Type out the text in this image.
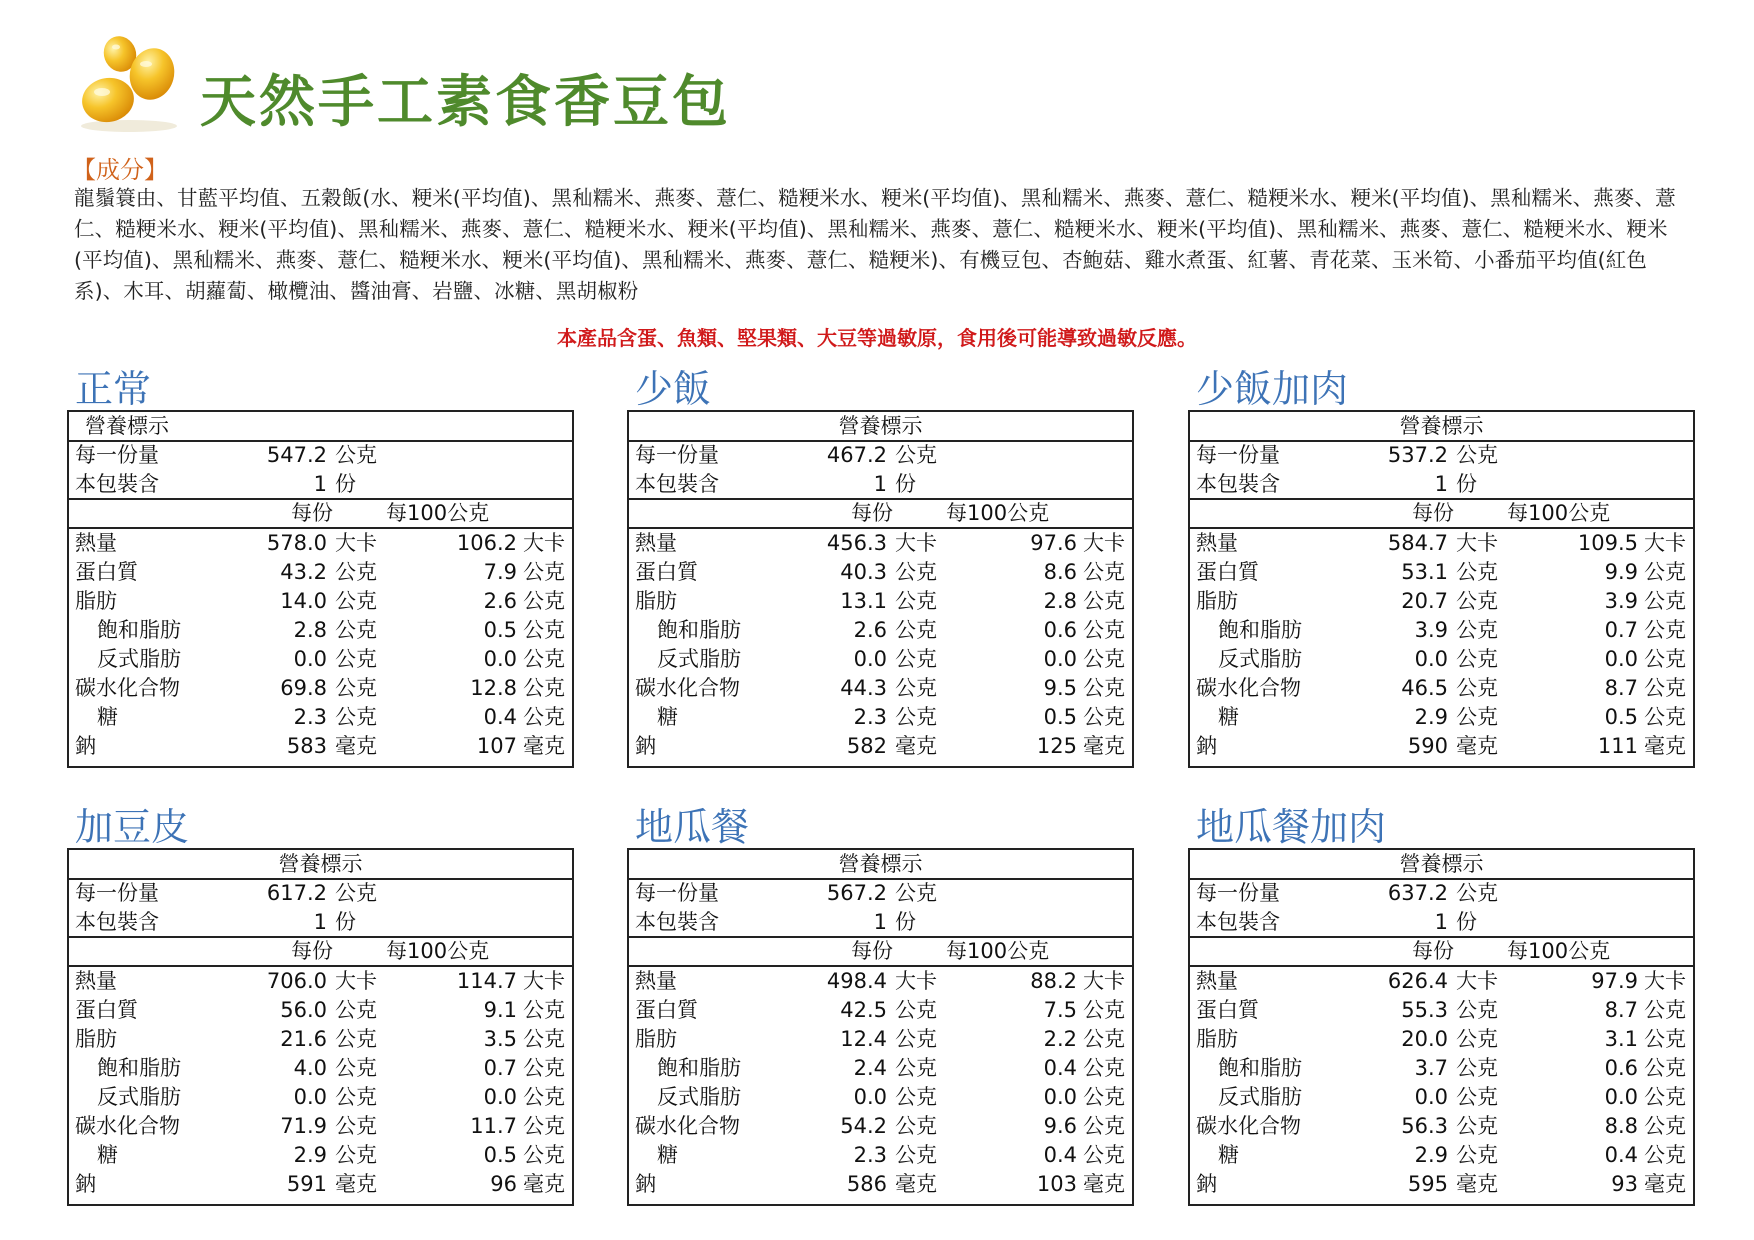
天然手工素食香豆包
【成分】
龍鬚簑由、甘藍平均值、五穀飯(水、粳米(平均值)、黑秈糯米、燕麥、薏仁、糙粳米水、粳米(平均值)、黑秈糯米、燕麥、薏仁、糙粳米水、粳米(平均值)、黑秈糯米、燕麥、薏仁、糙粳米水、粳米(平均值)、黑秈糯米、燕麥、薏仁、糙粳米水、粳米(平均值)、黑秈糯米、燕麥、薏仁、糙粳米水、粳米(平均值)、黑秈糯米、燕麥、薏仁、糙粳米水、粳米(平均值)、黑秈糯米、燕麥、薏仁、糙粳米水、粳米(平均值)、黑秈糯米、燕麥、薏仁、糙粳米)、有機豆包、杏鮑菇、雞水煮蛋、紅薯、青花菜、玉米筍、小番茄平均值(紅色系)、木耳、胡蘿蔔、橄欖油、醬油膏、岩鹽、冰糖、黑胡椒粉
本產品含蛋、魚類、堅果類、大豆等過敏原，食用後可能導致過敏反應。
正常
營養標示
每一份量	547.2 公克
本包裝含	1 份
每份	每100公克
熱量	578.0 大卡	106.2 大卡
蛋白質	43.2 公克	7.9 公克
脂肪	14.0 公克	2.6 公克
飽和脂肪	2.8 公克	0.5 公克
反式脂肪	0.0 公克	0.0 公克
碳水化合物	69.8 公克	12.8 公克
糖	2.3 公克	0.4 公克
鈉	583 毫克	107 毫克
少飯
營養標示
每一份量	467.2 公克
本包裝含	1 份
每份	每100公克
熱量	456.3 大卡	97.6 大卡
蛋白質	40.3 公克	8.6 公克
脂肪	13.1 公克	2.8 公克
飽和脂肪	2.6 公克	0.6 公克
反式脂肪	0.0 公克	0.0 公克
碳水化合物	44.3 公克	9.5 公克
糖	2.3 公克	0.5 公克
鈉	582 毫克	125 毫克
少飯加肉
營養標示
每一份量	537.2 公克
本包裝含	1 份
每份	每100公克
熱量	584.7 大卡	109.5 大卡
蛋白質	53.1 公克	9.9 公克
脂肪	20.7 公克	3.9 公克
飽和脂肪	3.9 公克	0.7 公克
反式脂肪	0.0 公克	0.0 公克
碳水化合物	46.5 公克	8.7 公克
糖	2.9 公克	0.5 公克
鈉	590 毫克	111 毫克
加豆皮
營養標示
每一份量	617.2 公克
本包裝含	1 份
每份	每100公克
熱量	706.0 大卡	114.7 大卡
蛋白質	56.0 公克	9.1 公克
脂肪	21.6 公克	3.5 公克
飽和脂肪	4.0 公克	0.7 公克
反式脂肪	0.0 公克	0.0 公克
碳水化合物	71.9 公克	11.7 公克
糖	2.9 公克	0.5 公克
鈉	591 毫克	96 毫克
地瓜餐
營養標示
每一份量	567.2 公克
本包裝含	1 份
每份	每100公克
熱量	498.4 大卡	88.2 大卡
蛋白質	42.5 公克	7.5 公克
脂肪	12.4 公克	2.2 公克
飽和脂肪	2.4 公克	0.4 公克
反式脂肪	0.0 公克	0.0 公克
碳水化合物	54.2 公克	9.6 公克
糖	2.3 公克	0.4 公克
鈉	586 毫克	103 毫克
地瓜餐加肉
營養標示
每一份量	637.2 公克
本包裝含	1 份
每份	每100公克
熱量	626.4 大卡	97.9 大卡
蛋白質	55.3 公克	8.7 公克
脂肪	20.0 公克	3.1 公克
飽和脂肪	3.7 公克	0.6 公克
反式脂肪	0.0 公克	0.0 公克
碳水化合物	56.3 公克	8.8 公克
糖	2.9 公克	0.4 公克
鈉	595 毫克	93 毫克
